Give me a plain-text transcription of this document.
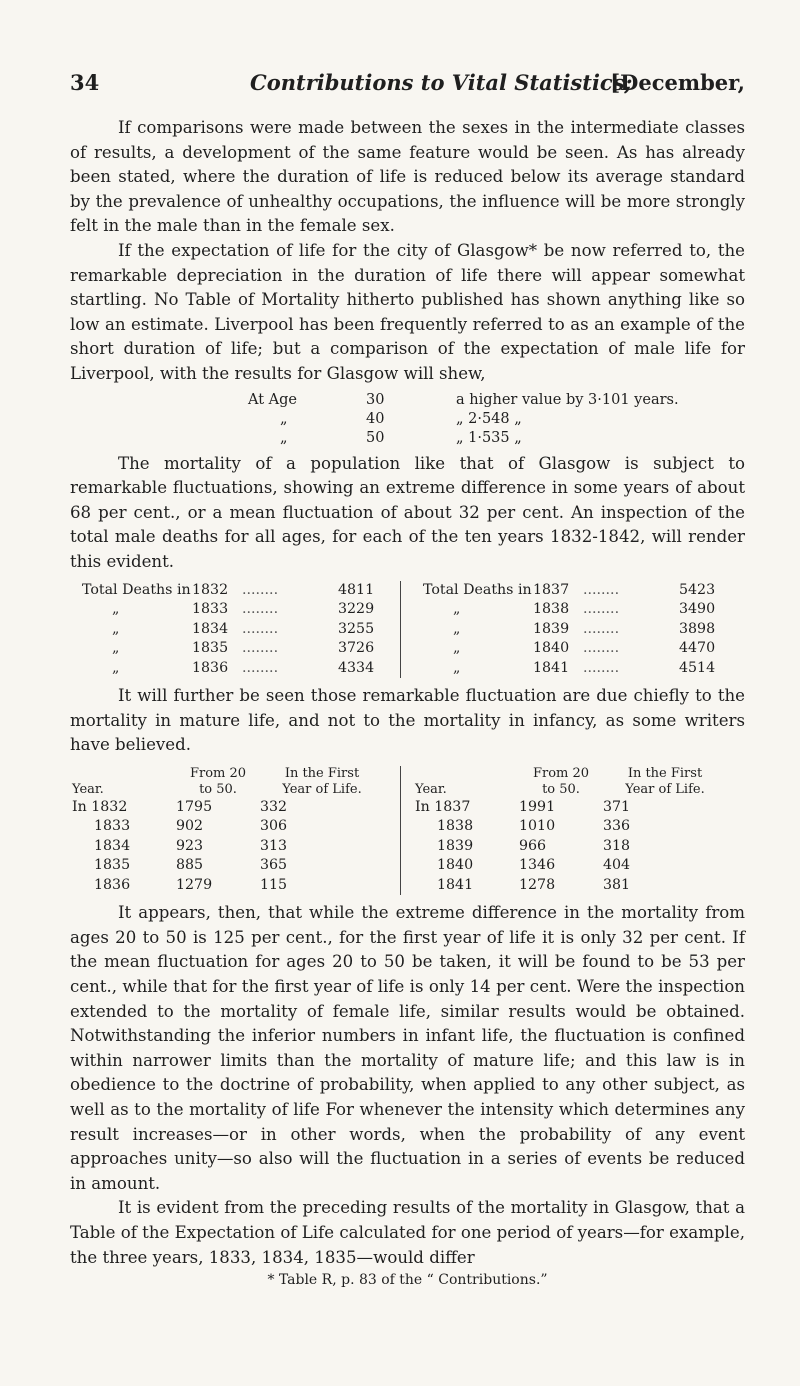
34	Contributions to Vital Statistics;
[December,

If comparisons were made between the sexes in the intermediate classes of results, a development of the same feature would be seen. As has already been stated, where the duration of life is reduced below its average standard by the prevalence of unhealthy occupations, the influence will be more strongly felt in the male than in the female sex.

If the expectation of life for the city of Glasgow* be now referred to, the remarkable depreciation in the duration of life there will appear somewhat startling. No Table of Mortality hitherto published has shown anything like so low an estimate. Liverpool has been frequently referred to as an example of the short duration of life; but a comparison of the expectation of male life for Liverpool, with the results for Glasgow will shew,

At Age	30	a higher value by 3·101 years.
„	40	„ 2·548 „
„	50	„ 1·535 „

The mortality of a population like that of Glasgow is subject to remarkable fluctuations, showing an extreme difference in some years of about 68 per cent., or a mean fluctuation of about 32 per cent. An inspection of the total male deaths for all ages, for each of the ten years 1832-1842, will render this evident.

Total Deaths in 1832 ........	4811
„	1833 ........	3229
„	1834 ........	3255
„	1835 ........	3726
„	1836 ........	4334
Total Deaths in 1837 ........	5423
„	1838 ........	3490
„	1839 ........	3898
„	1840 ........	4470
„	1841 ........	4514

It will further be seen those remarkable fluctuation are due chiefly to the mortality in mature life, and not to the mortality in infancy, as some writers have believed.

From 20	In the First
Year.	to 50.	Year of Life.
In 1832	1795	332
1833	902	306
1834	923	313
1835	885	365
1836	1279	115
From 20	In the First
Year.	to 50.	Year of Life.
In 1837	1991	371
1838	1010	336
1839	966	318
1840	1346	404
1841	1278	381

It appears, then, that while the extreme difference in the mortality from ages 20 to 50 is 125 per cent., for the first year of life it is only 32 per cent. If the mean fluctuation for ages 20 to 50 be taken, it will be found to be 53 per cent., while that for the first year of life is only 14 per cent. Were the inspection extended to the mortality of female life, similar results would be obtained. Notwithstanding the inferior numbers in infant life, the fluctuation is confined within narrower limits than the mortality of mature life; and this law is in obedience to the doctrine of probability, when applied to any other subject, as well as to the mortality of life For whenever the intensity which determines any result increases—or in other words, when the probability of any event approaches unity—so also will the fluctuation in a series of events be reduced in amount.

It is evident from the preceding results of the mortality in Glasgow, that a Table of the Expectation of Life calculated for one period of years—for example, the three years, 1833, 1834, 1835—would differ

* Table R, p. 83 of the “ Contributions.”
